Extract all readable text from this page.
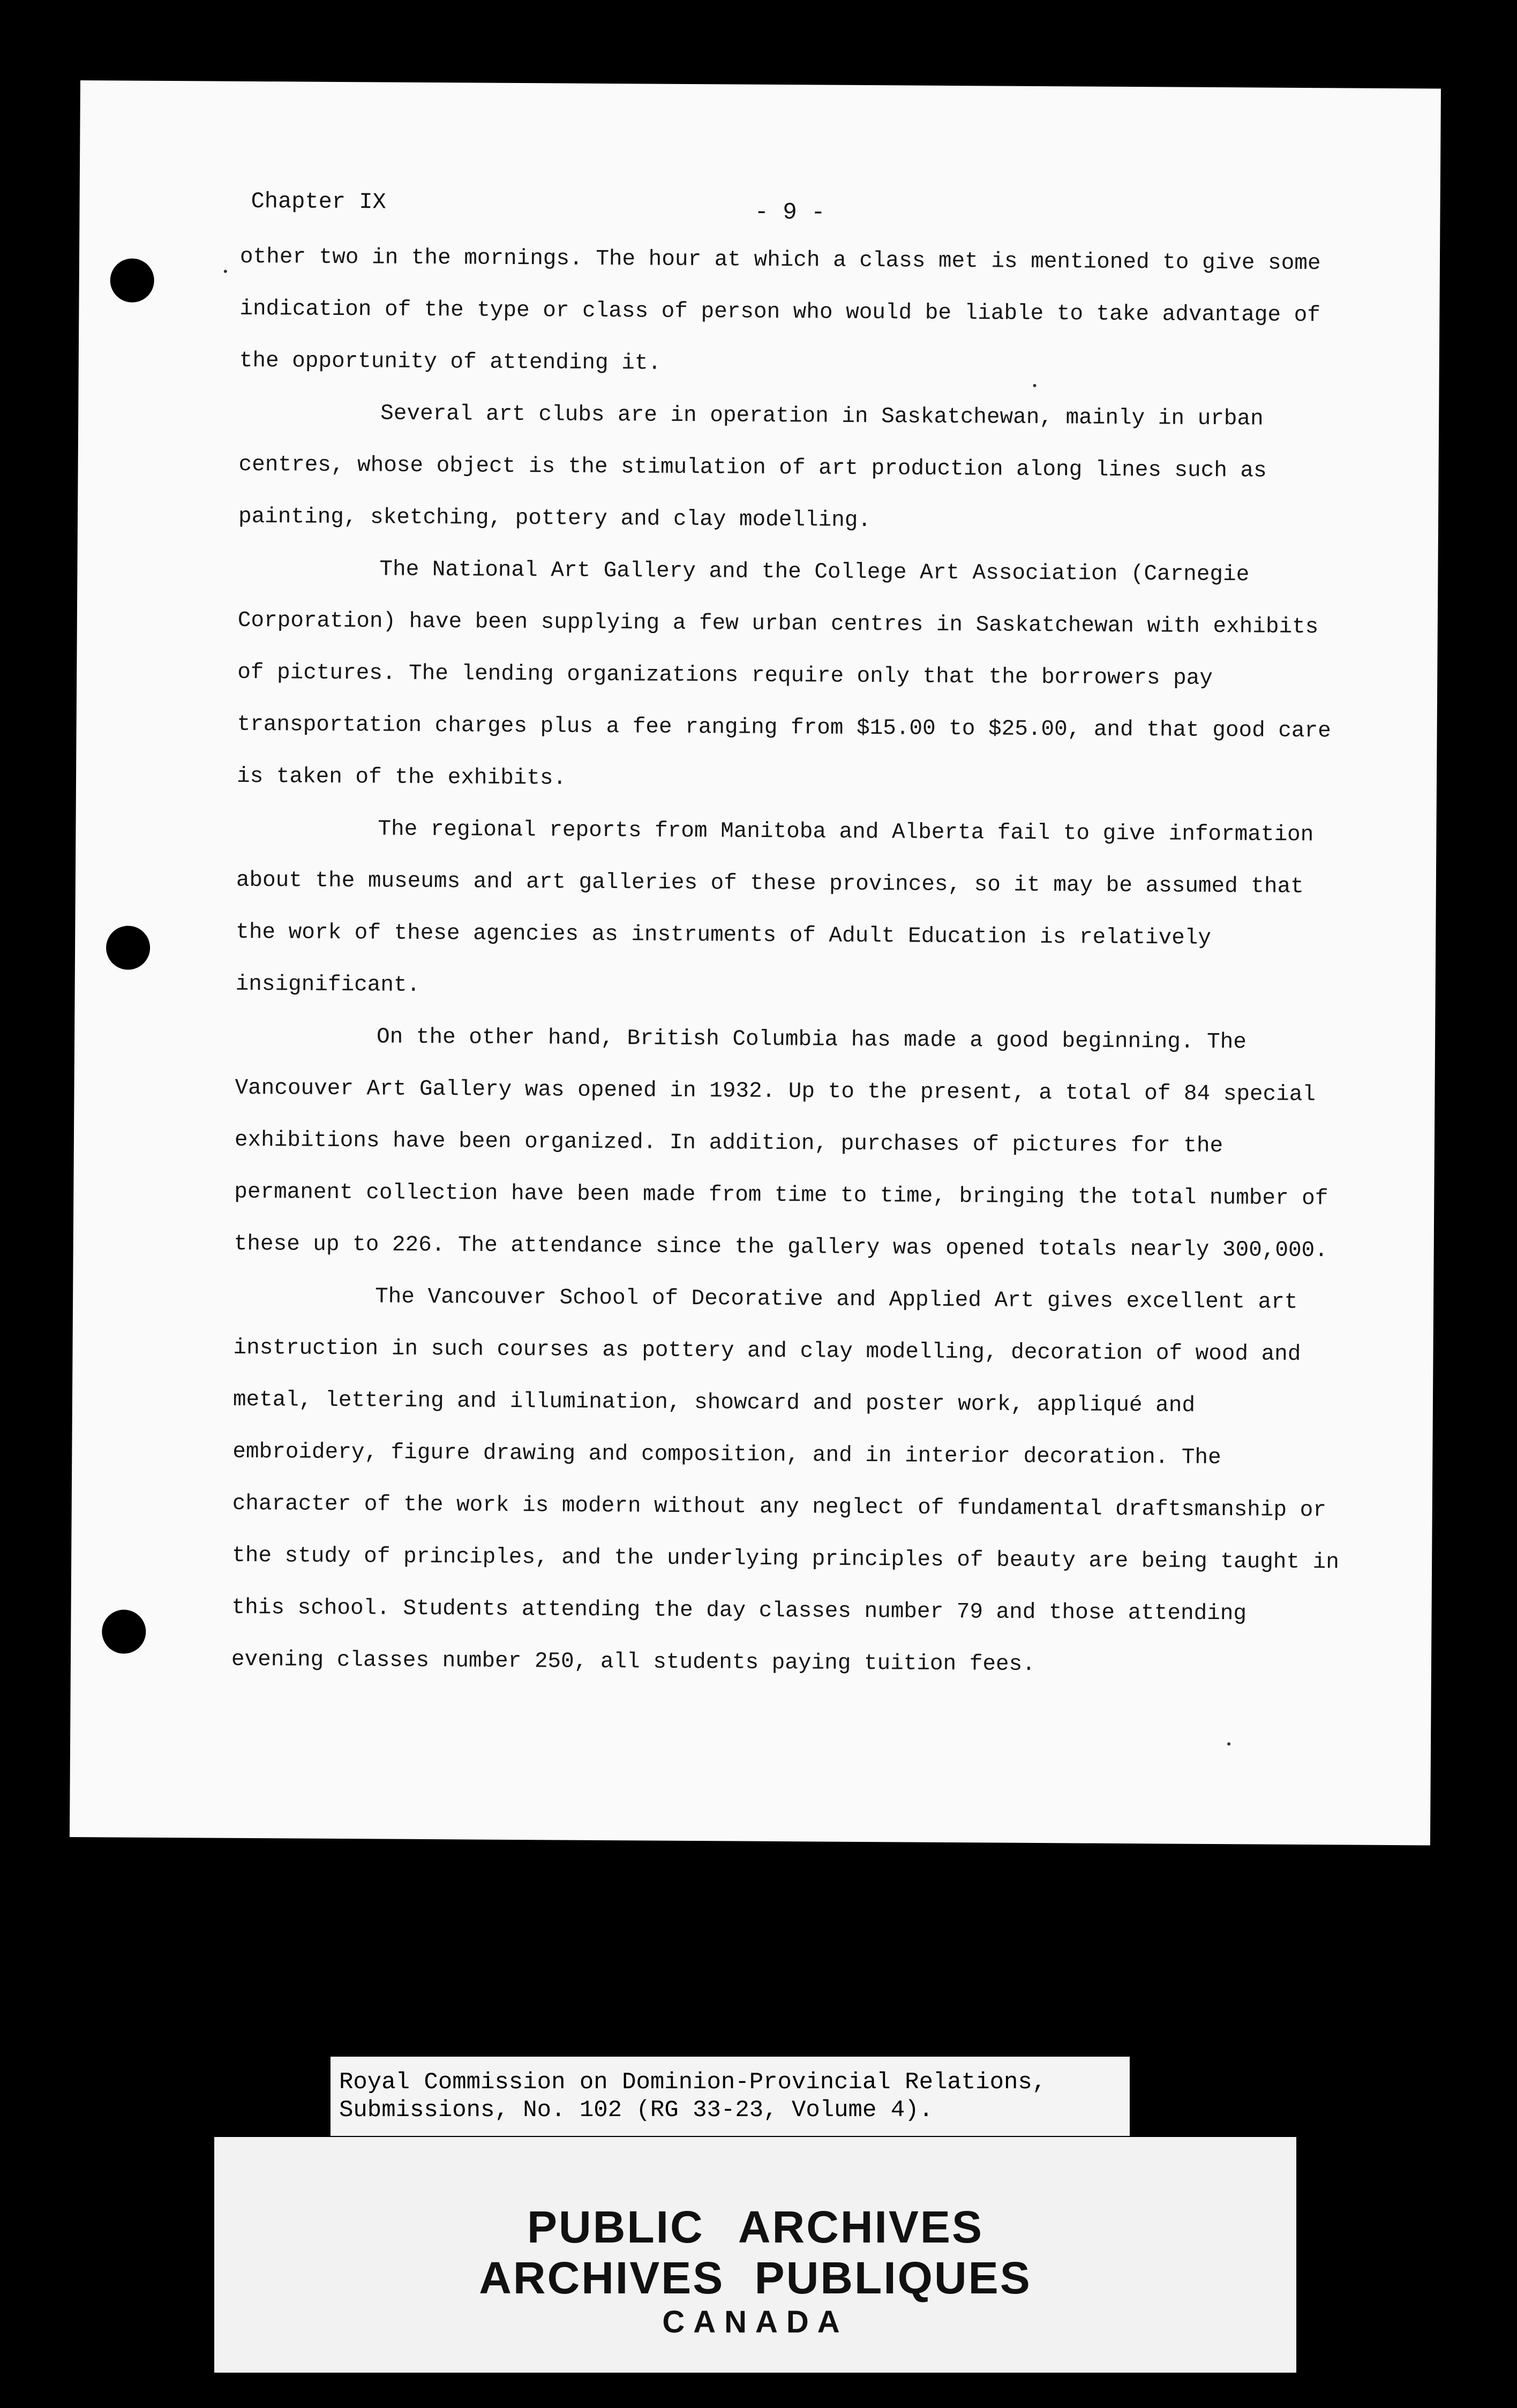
Chapter IX	- 9 -

other two in the mornings. The hour at which a class met is mentioned to give some indication of the type or class of person who would be liable to take advantage of the opportunity of attending it.

Several art clubs are in operation in Saskatchewan, mainly in urban centres, whose object is the stimulation of art production along lines such as painting, sketching, pottery and clay modelling.

The National Art Gallery and the College Art Association (Carnegie Corporation) have been supplying a few urban centres in Saskatchewan with exhibits of pictures. The lending organizations require only that the borrowers pay transportation charges plus a fee ranging from $15.00 to $25.00, and that good care is taken of the exhibits.

The regional reports from Manitoba and Alberta fail to give information about the museums and art galleries of these provinces, so it may be assumed that the work of these agencies as instruments of Adult Education is relatively insignificant.

On the other hand, British Columbia has made a good beginning. The Vancouver Art Gallery was opened in 1932. Up to the present, a total of 84 special exhibitions have been organized. In addition, purchases of pictures for the permanent collection have been made from time to time, bringing the total number of these up to 226. The attendance since the gallery was opened totals nearly 300,000.

The Vancouver School of Decorative and Applied Art gives excellent art instruction in such courses as pottery and clay modelling, decoration of wood and metal, lettering and illumination, showcard and poster work, appliqué and embroidery, figure drawing and composition, and in interior decoration. The character of the work is modern without any neglect of fundamental draftsmanship or the study of principles, and the underlying principles of beauty are being taught in this school. Students attending the day classes number 79 and those attending evening classes number 250, all students paying tuition fees.

Royal Commission on Dominion-Provincial Relations,
Submissions, No. 102 (RG 33-23, Volume 4).
PUBLIC ARCHIVES
ARCHIVES PUBLIQUES
CANADA
